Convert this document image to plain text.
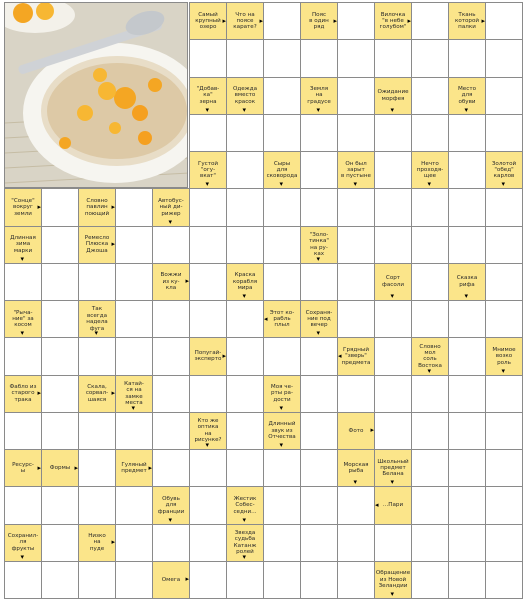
Самый
крупный
озеро
▸
Что на
поясе
карате?
▸
Пояс
в один
ряд
▸
Вилочка
"в небе
голубом"
▸
Ткань
которой
палки
▸
"Добав-
ка"
зерна
▾
Одежда
вместо
красок
▾
Земля
на
градусе
▾
Ожидание
морфея
▾
Место
для
обуви
▾
Густой
"огу-
вкат"
▾
Сыры
для
сковорода
▾
Он был
зарыт
в пустыне
▾
Нечто
проходя-
щее
▾
Золотой
"обед"
карлов
▾
"Сонце"
вокруг
земли
▸
Словно
павлин
поющий
▸
Автобус-
ный ди-
рижер
▾
Длинная
зима
марки
▾
Ремесло
Плюска
Джоша
▸
"Золо-
тинка"
на ру-
ках
▾
Вожжи
из ку-
кла
▸
Краска
корабля
мира
▾
Сорт
фасоли
▾
Сказка
рифа
▾
"Рыча-
ние" за
косом
▾
Так
всегда
надела
фуга
▾
Этот ко-
рабль
плыл
◂
Сохраня-
ние под
вечер
▾
Попугай-
эксперто ▸
Грядный
"зверь"
предмета
◂
Словно
мол
соль
Востока
▾
Мнимое
возко
роль
▾
Фабло из
старого
трака
▸
Скала,
сорвал-
шаяся
▸
Катай-
ся на
замке
места
▾
Моя че-
рты ра-
дости
▾
Кто же
оптика
на
рисунке?
▾
Длинный
звук из
Отчества
▾
Фото ▸
Ресурс-
ы	▸ Формы ▸	Гуляный
предмет ▸	Морская
рыба
▾
Школьный
предмет
Белана
▾
Обувь
для
франции
▾
Жестик
Собес-
седни...
▾
...Пари
◂
Сохранил-
ля
фрукты
▾
Низко
на
пуде
▸
Звезда
судьба
Катанж
ролей
▾
Омега ▸
Обращение
из Новой
Зеландии
▾
